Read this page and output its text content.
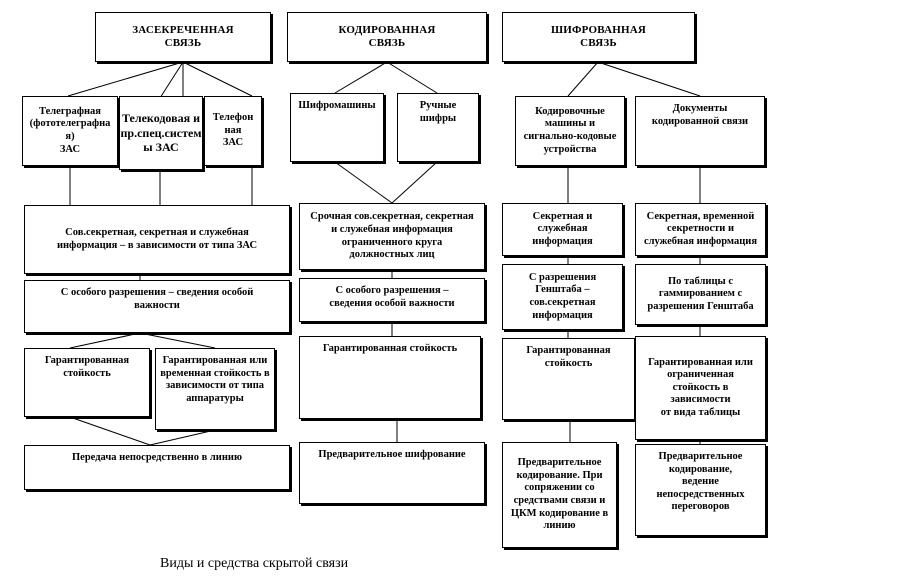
ЗАСЕКРЕЧЕННАЯ
СВЯЗЬ
КОДИРОВАННАЯ
СВЯЗЬ
ШИФРОВАННАЯ
СВЯЗЬ
Телеграфная
(фототелеграфна
я)
ЗАС
Телекодовая и
пр.спец.систем
ы ЗАС
Телефон
ная
ЗАС
Сов.секретная, секретная и служебная
информация – в зависимости от типа ЗАС
С особого разрешения – сведения особой
важности
Гарантированная
стойкость
Гарантированная или
временная стойкость в
зависимости от типа
аппаратуры
Передача непосредственно в линию
Шифромашины	Ручные
шифры
Срочная сов.секретная, секретная
и служебная информация
ограниченного круга
должностных лиц
С особого разрешения –
сведения особой важности
Гарантированная стойкость
Предварительное шифрование
Кодировочные
машины и
сигнально-кодовые
устройства
Документы
кодированной связи
Секретная и
служебная
информация
Секретная, временной
секретности и
служебная информация
С разрешения
Генштаба –
сов.секретная
информация
По таблицы с
гаммированием с
разрешения Генштаба
Гарантированная
стойкость	Гарантированная или
ограниченная
стойкость в
зависимости
от вида таблицы
Предварительное
кодирование. При
сопряжении со
средствами связи и
ЦКМ кодирование в
линию
Предварительное
кодирование,
ведение
непосредственных
переговоров
Виды и средства скрытой связи
